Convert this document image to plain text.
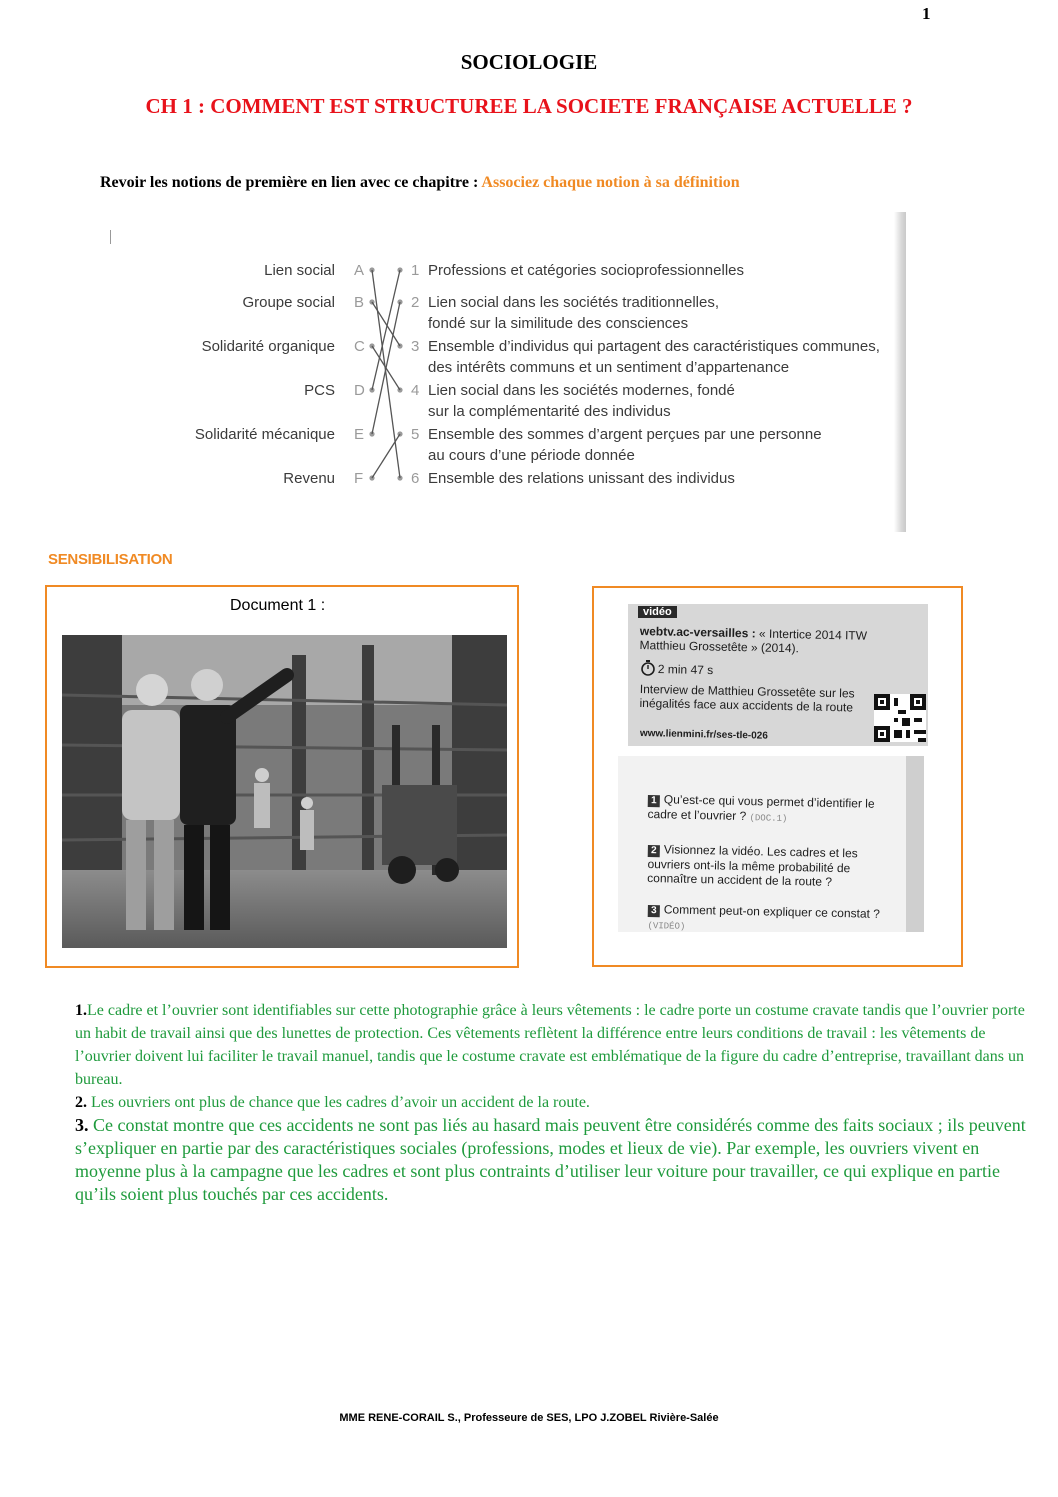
1
SOCIOLOGIE
CH 1 : COMMENT EST STRUCTUREE LA SOCIETE FRANÇAISE ACTUELLE ?
Revoir les notions de première en lien avec ce chapitre : Associez chaque notion à sa définition
Lien social A
Groupe social B
Solidarité organique C
PCS D
Solidarité mécanique E
Revenu F
1 Professions et catégories socioprofessionnelles
2 Lien social dans les sociétés traditionnelles,
fondé sur la similitude des consciences
3 Ensemble d’individus qui partagent des caractéristiques communes,
des intérêts communs et un sentiment d’appartenance
4 Lien social dans les sociétés modernes, fondé
sur la complémentarité des individus
5 Ensemble des sommes d’argent perçues par une personne
au cours d’une période donnée
6 Ensemble des relations unissant des individus
SENSIBILISATION
Document 1 :	vidéo
webtv.ac-versailles : « Intertice 2014 ITW Matthieu Grossetête » (2014).
2 min 47 s
Interview de Matthieu Grossetête sur les inégalités face aux accidents de la route
www.lienmini.fr/ses-tle-026
1 Qu’est-ce qui vous permet d’identifier le cadre et l’ouvrier ? (DOC.1)
2 Visionnez la vidéo. Les cadres et les ouvriers ont-ils la même probabilité de connaître un accident de la route ?
3 Comment peut-on expliquer ce constat ? (VIDÉO)

1.Le cadre et l’ouvrier sont identifiables sur cette photographie grâce à leurs vêtements : le cadre porte un costume cravate tandis que l’ouvrier porte un habit de travail ainsi que des lunettes de protection. Ces vêtements reflètent la différence entre leurs conditions de travail : les vêtements de l’ouvrier doivent lui faciliter le travail manuel, tandis que le costume cravate est emblématique de la figure du cadre d’entreprise, travaillant dans un bureau.

2. Les ouvriers ont plus de chance que les cadres d’avoir un accident de la route.

3. Ce constat montre que ces accidents ne sont pas liés au hasard mais peuvent être considérés comme des faits sociaux ; ils peuvent s’expliquer en partie par des caractéristiques sociales (professions, modes et lieux de vie). Par exemple, les ouvriers vivent en moyenne plus à la campagne que les cadres et sont plus contraints d’utiliser leur voiture pour travailler, ce qui explique en partie qu’ils soient plus touchés par ces accidents.

MME RENE-CORAIL S., Professeure de SES, LPO J.ZOBEL Rivière-Salée
